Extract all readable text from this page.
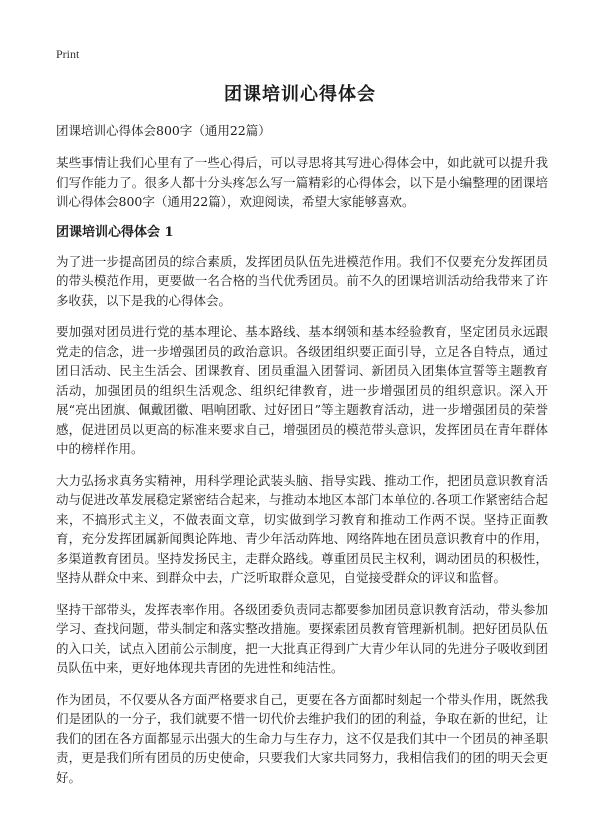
Print
团课培训心得体会
团课培训心得体会800字（通用22篇）

某些事情让我们心里有了一些心得后，可以寻思将其写进心得体会中，如此就可以提升我们写作能力了。很多人都十分头疼怎么写一篇精彩的心得体会，以下是小编整理的团课培训心得体会800字（通用22篇），欢迎阅读，希望大家能够喜欢。

团课培训心得体会 1

为了进一步提高团员的综合素质，发挥团员队伍先进模范作用。我们不仅要充分发挥团员的带头模范作用，更要做一名合格的当代优秀团员。前不久的团课培训活动给我带来了许多收获，以下是我的心得体会。

要加强对团员进行党的基本理论、基本路线、基本纲领和基本经验教育，坚定团员永远跟党走的信念，进一步增强团员的政治意识。各级团组织要正面引导，立足各自特点，通过团日活动、民主生活会、团课教育、团员重温入团誓词、新团员入团集体宣誓等主题教育活动，加强团员的组织生活观念、组织纪律教育，进一步增强团员的组织意识。深入开展“亮出团旗、佩戴团徽、唱响团歌、过好团日”等主题教育活动，进一步增强团员的荣誉感，促进团员以更高的标准来要求自己，增强团员的模范带头意识，发挥团员在青年群体中的榜样作用。

大力弘扬求真务实精神，用科学理论武装头脑、指导实践、推动工作，把团员意识教育活动与促进改革发展稳定紧密结合起来，与推动本地区本部门本单位的.各项工作紧密结合起来，不搞形式主义，不做表面文章，切实做到学习教育和推动工作两不误。坚持正面教育，充分发挥团属新闻舆论阵地、青少年活动阵地、网络阵地在团员意识教育中的作用，多渠道教育团员。坚持发扬民主，走群众路线。尊重团员民主权利，调动团员的积极性，坚持从群众中来、到群众中去，广泛听取群众意见，自觉接受群众的评议和监督。

坚持干部带头，发挥表率作用。各级团委负责同志都要参加团员意识教育活动，带头参加学习、查找问题，带头制定和落实整改措施。要探索团员教育管理新机制。把好团员队伍的入口关，试点入团前公示制度，把一大批真正得到广大青少年认同的先进分子吸收到团员队伍中来，更好地体现共青团的先进性和纯洁性。

作为团员，不仅要从各方面严格要求自己，更要在各方面都时刻起一个带头作用，既然我们是团队的一分子，我们就要不惜一切代价去维护我们的团的利益，争取在新的世纪，让我们的团在各方面都显示出强大的生命力与生存力，这不仅是我们其中一个团员的神圣职责，更是我们所有团员的历史使命，只要我们大家共同努力，我相信我们的团的明天会更好。
